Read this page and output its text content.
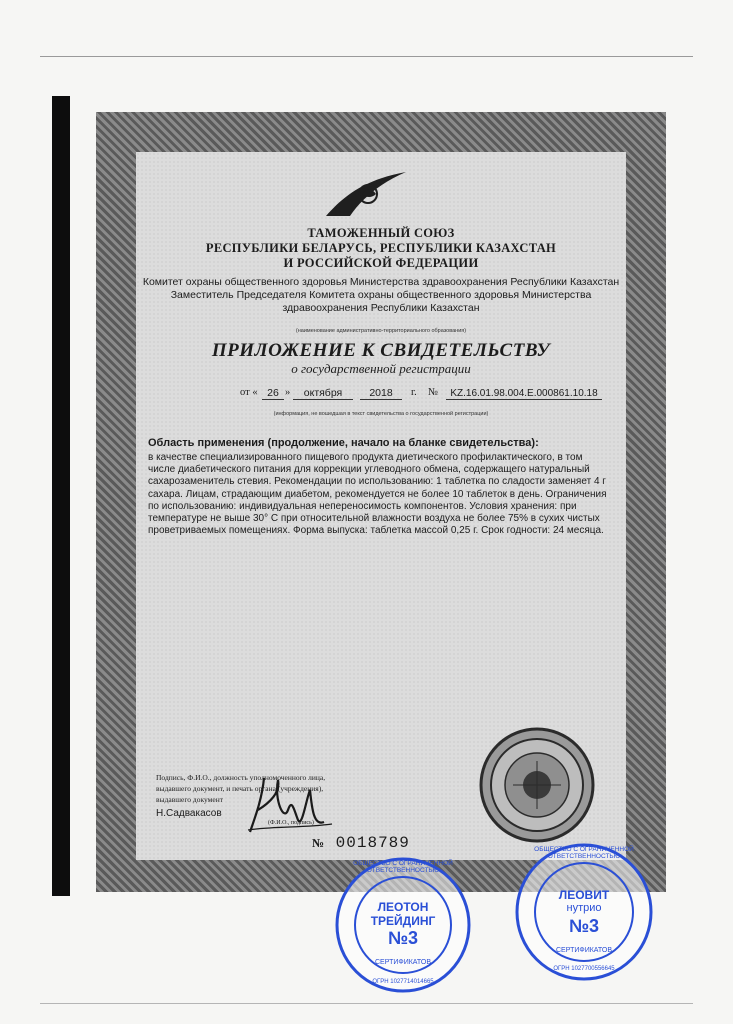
ТАМОЖЕННЫЙ СОЮЗ
РЕСПУБЛИКИ БЕЛАРУСЬ, РЕСПУБЛИКИ КАЗАХСТАН
И РОССИЙСКОЙ ФЕДЕРАЦИИ
Комитет охраны общественного здоровья Министерства здравоохранения Республики Казахстан
Заместитель Председателя Комитета охраны общественного здоровья Министерства
здравоохранения Республики Казахстан
(наименование административно-территориального образования)
ПРИЛОЖЕНИЕ К СВИДЕТЕЛЬСТВУ
о государственной регистрации
от « 26 »	октября	2018	г. №	KZ.16.01.98.004.E.000861.10.18
(информация, не вошедшая в текст свидетельства о государственной регистрации)
Область применения (продолжение, начало на бланке свидетельства):
в качестве специализированного пищевого продукта диетического профилактического, в том
числе диабетического питания для коррекции углеводного обмена, содержащего натуральный
сахарозаменитель стевия. Рекомендации по использованию: 1 таблетка по сладости заменяет 4 г
сахара. Лицам, страдающим диабетом, рекомендуется не более 10 таблеток в день. Ограничения
по использованию: индивидуальная непереносимость компонентов. Условия хранения: при
температуре не выше 30° С при относительной влажности воздуха не более 75% в сухих чистых
проветриваемых помещениях. Форма выпуска: таблетка массой 0,25 г. Срок годности: 24 месяца.
Подпись, Ф.И.О., должность уполномоченного лица,
выдавшего документ, и печать органа (учреждения),
выдавшего документ
Н.Садвакасов
(Ф.И.О., подпись)
№ 0018789
ОБЩЕСТВО С ОГРАНИЧЕННОЙ ОТВЕТСТВЕННОСТЬЮ
ЛЕОТОН
ТРЕЙДИНГ
№3
СЕРТИФИКАТОВ
ОГРН 1027714014665
ОБЩЕСТВО С ОГРАНИЧЕННОЙ ОТВЕТСТВЕННОСТЬЮ
ЛЕОВИТ
нутрио
№3
СЕРТИФИКАТОВ
ОГРН 1027700556645
